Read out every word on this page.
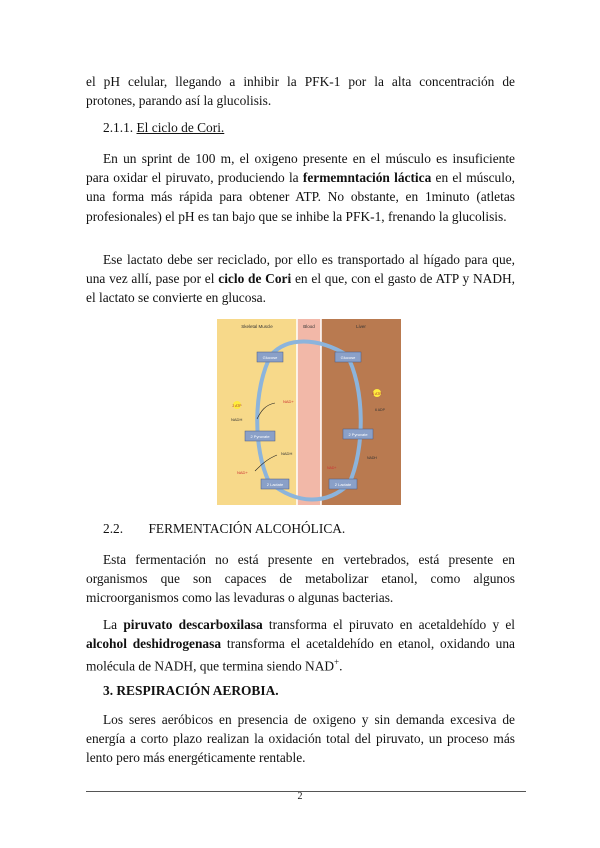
el pH celular, llegando a inhibir la PFK-1 por la alta concentración de
protones, parando así la glucolisis.
2.1.1. El ciclo de Cori.
En un sprint de 100 m, el oxigeno presente en el músculo es insuficiente para oxidar el piruvato, produciendo la fermemntación láctica en el músculo, una forma más rápida para obtener ATP. No obstante, en 1minuto (atletas profesionales) el pH es tan bajo que se inhibe la PFK-1, frenando la glucolisis.
Ese lactato debe ser reciclado, por ello es transportado al hígado para que, una vez allí, pase por el ciclo de Cori en el que, con el gasto de ATP y NADH, el lactato se convierte en glucosa.
Skeletal Muscle	Blood	Liver
Glucose
2 Pyruvate
2 Lactate
2 ATP
NAD+
NADH
NADH
NAD+
Glucose
2 Pyruvate
2 Lactate
6 ATP
6 ADP
NAD+
NADH
2.2. FERMENTACIÓN ALCOHÓLICA.
Esta fermentación no está presente en vertebrados, está presente en organismos que son capaces de metabolizar etanol, como algunos microorganismos como las levaduras o algunas bacterias.
La piruvato descarboxilasa transforma el piruvato en acetaldehído y el alcohol deshidrogenasa transforma el acetaldehído en etanol, oxidando una molécula de NADH, que termina siendo NAD+.
3. RESPIRACIÓN AEROBIA.
Los seres aeróbicos en presencia de oxigeno y sin demanda excesiva de energía a corto plazo realizan la oxidación total del piruvato, un proceso más lento pero más energéticamente rentable.
2
